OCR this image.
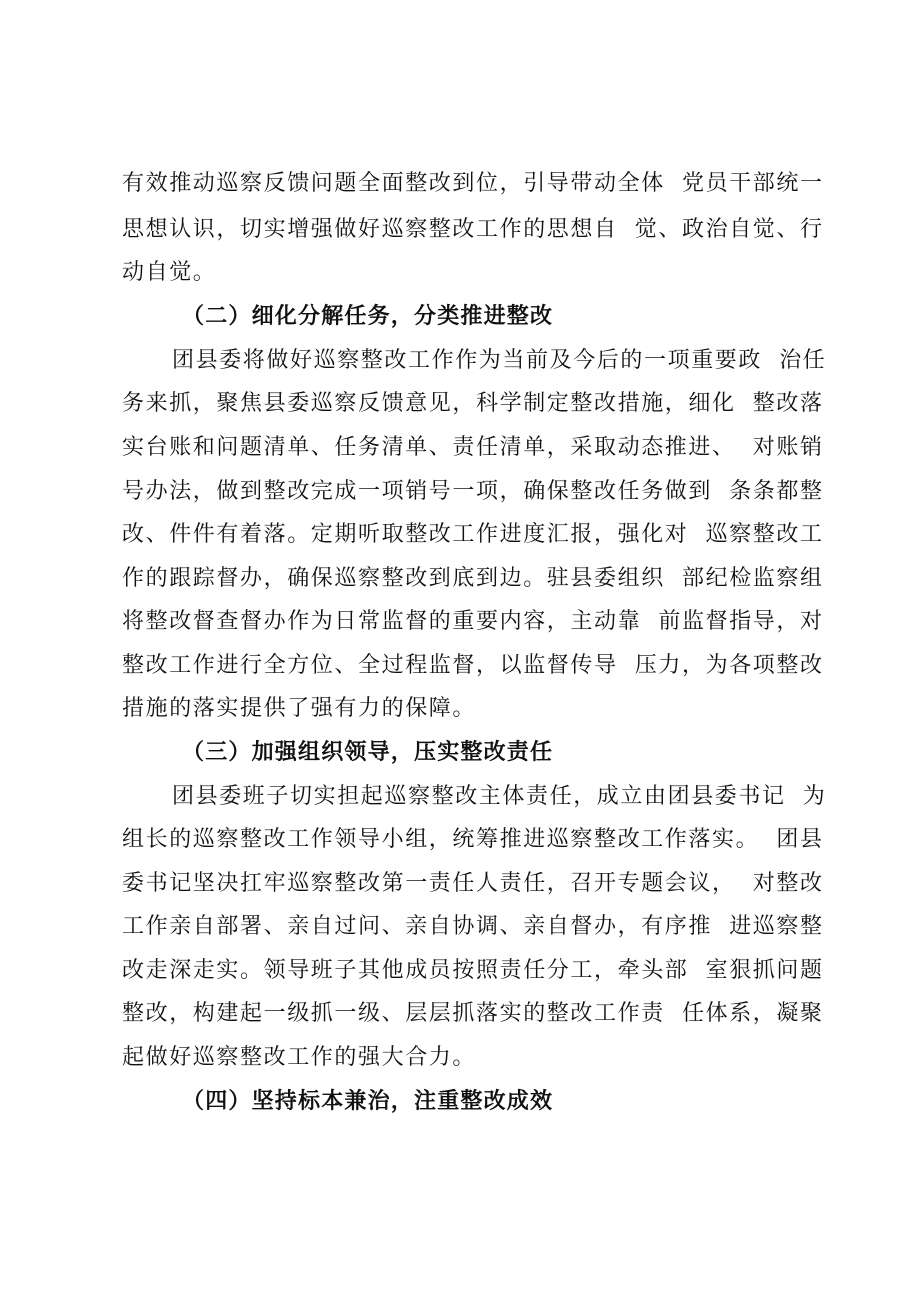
有效推动巡察反馈问题全面整改到位，引导带动全体  党员干部统一
思想认识，切实增强做好巡察整改工作的思想自  觉、政治自觉、行
动自觉。
（二）细化分解任务，分类推进整改
团县委将做好巡察整改工作作为当前及今后的一项重要政  治任
务来抓，聚焦县委巡察反馈意见，科学制定整改措施，细化  整改落
实台账和问题清单、任务清单、责任清单，采取动态推进、  对账销
号办法，做到整改完成一项销号一项，确保整改任务做到  条条都整
改、件件有着落。定期听取整改工作进度汇报，强化对  巡察整改工
作的跟踪督办，确保巡察整改到底到边。驻县委组织  部纪检监察组
将整改督查督办作为日常监督的重要内容，主动靠  前监督指导，对
整改工作进行全方位、全过程监督，以监督传导  压力，为各项整改
措施的落实提供了强有力的保障。
（三）加强组织领导，压实整改责任
团县委班子切实担起巡察整改主体责任，成立由团县委书记  为
组长的巡察整改工作领导小组，统筹推进巡察整改工作落实。  团县
委书记坚决扛牢巡察整改第一责任人责任，召开专题会议，  对整改
工作亲自部署、亲自过问、亲自协调、亲自督办，有序推  进巡察整
改走深走实。领导班子其他成员按照责任分工，牵头部  室狠抓问题
整改，构建起一级抓一级、层层抓落实的整改工作责  任体系，凝聚
起做好巡察整改工作的强大合力。
（四）坚持标本兼治，注重整改成效
